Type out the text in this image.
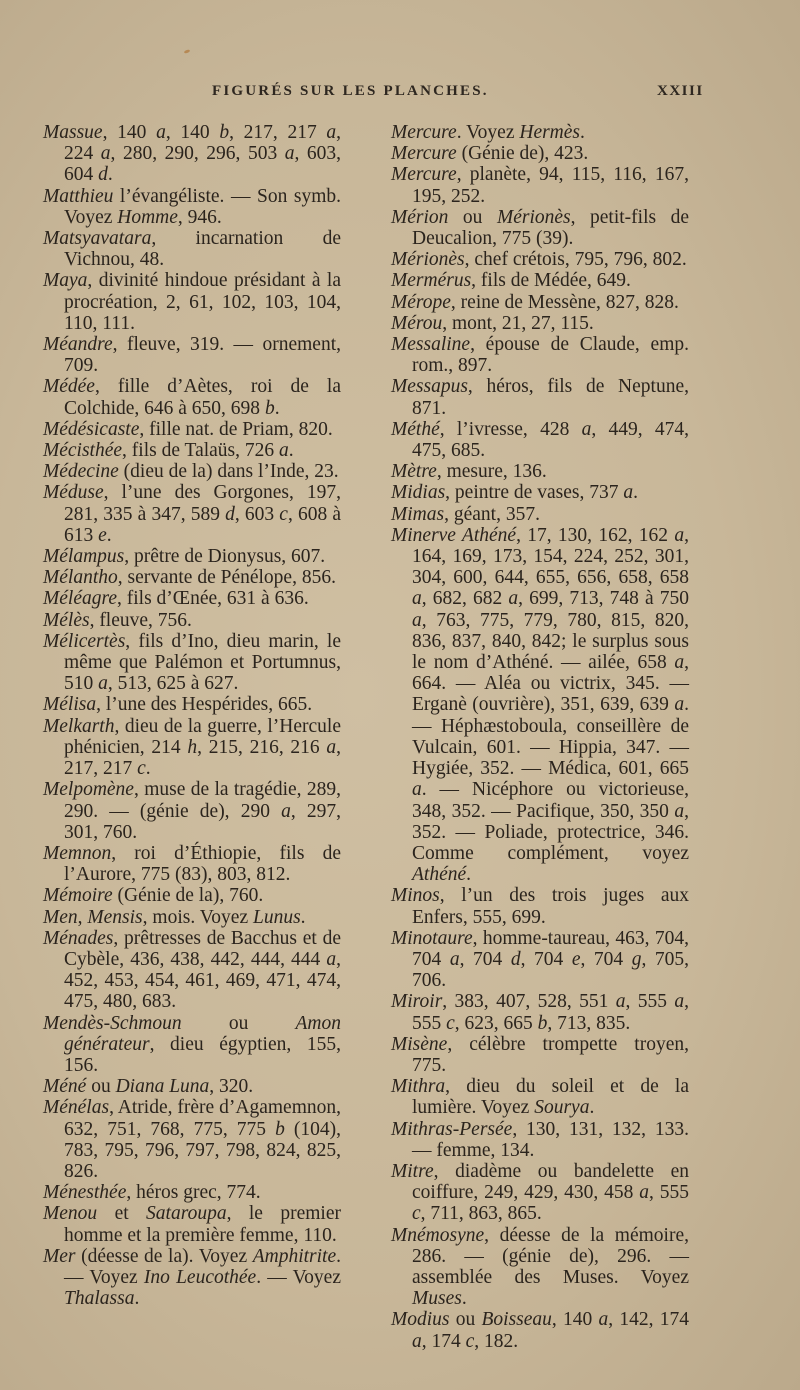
FIGURÉS SUR LES PLANCHES.	XXIII

Massue, 140 a, 140 b, 217, 217 a, 224 a, 280, 290, 296, 503 a, 603, 604 d.

Matthieu l’évangéliste. — Son symb. Voyez Homme, 946.

Matsyavatara, incarnation de Vichnou, 48.

Maya, divinité hindoue présidant à la procréation, 2, 61, 102, 103, 104, 110, 111.

Méandre, fleuve, 319. — ornement, 709.

Médée, fille d’Aètes, roi de la Colchide, 646 à 650, 698 b.

Médésicaste, fille nat. de Priam, 820.

Mécisthée, fils de Talaüs, 726 a.

Médecine (dieu de la) dans l’Inde, 23.

Méduse, l’une des Gorgones, 197, 281, 335 à 347, 589 d, 603 c, 608 à 613 e.

Mélampus, prêtre de Dionysus, 607.

Mélantho, servante de Pénélope, 856.

Méléagre, fils d’Œnée, 631 à 636.

Mélès, fleuve, 756.

Mélicertès, fils d’Ino, dieu marin, le même que Palémon et Portumnus, 510 a, 513, 625 à 627.

Mélisa, l’une des Hespérides, 665.

Melkarth, dieu de la guerre, l’Hercule phénicien, 214 h, 215, 216, 216 a, 217, 217 c.

Melpomène, muse de la tragédie, 289, 290. — (génie de), 290 a, 297, 301, 760.

Memnon, roi d’Éthiopie, fils de l’Aurore, 775 (83), 803, 812.

Mémoire (Génie de la), 760.

Men, Mensis, mois. Voyez Lunus.

Ménades, prêtresses de Bacchus et de Cybèle, 436, 438, 442, 444, 444 a, 452, 453, 454, 461, 469, 471, 474, 475, 480, 683.

Mendès-Schmoun ou Amon générateur, dieu égyptien, 155, 156.

Méné ou Diana Luna, 320.

Ménélas, Atride, frère d’Agamemnon, 632, 751, 768, 775, 775 b (104), 783, 795, 796, 797, 798, 824, 825, 826.

Ménesthée, héros grec, 774.

Menou et Sataroupa, le premier homme et la première femme, 110.

Mer (déesse de la). Voyez Amphitrite. — Voyez Ino Leucothée. — Voyez Thalassa.

Mercure. Voyez Hermès.

Mercure (Génie de), 423.

Mercure, planète, 94, 115, 116, 167, 195, 252.

Mérion ou Mérionès, petit-fils de Deucalion, 775 (39).

Mérionès, chef crétois, 795, 796, 802.

Mermérus, fils de Médée, 649.

Mérope, reine de Messène, 827, 828.

Mérou, mont, 21, 27, 115.

Messaline, épouse de Claude, emp. rom., 897.

Messapus, héros, fils de Neptune, 871.

Méthé, l’ivresse, 428 a, 449, 474, 475, 685.

Mètre, mesure, 136.

Midias, peintre de vases, 737 a.

Mimas, géant, 357.

Minerve Athéné, 17, 130, 162, 162 a, 164, 169, 173, 154, 224, 252, 301, 304, 600, 644, 655, 656, 658, 658 a, 682, 682 a, 699, 713, 748 à 750 a, 763, 775, 779, 780, 815, 820, 836, 837, 840, 842; le surplus sous le nom d’Athéné. — ailée, 658 a, 664. — Aléa ou victrix, 345. — Erganè (ouvrière), 351, 639, 639 a. — Héphæstoboula, conseillère de Vulcain, 601. — Hippia, 347. — Hygiée, 352. — Médica, 601, 665 a. — Nicéphore ou victorieuse, 348, 352. — Pacifique, 350, 350 a, 352. — Poliade, protectrice, 346. Comme complément, voyez Athéné.

Minos, l’un des trois juges aux Enfers, 555, 699.

Minotaure, homme-taureau, 463, 704, 704 a, 704 d, 704 e, 704 g, 705, 706.

Miroir, 383, 407, 528, 551 a, 555 a, 555 c, 623, 665 b, 713, 835.

Misène, célèbre trompette troyen, 775.

Mithra, dieu du soleil et de la lumière. Voyez Sourya.

Mithras-Persée, 130, 131, 132, 133. — femme, 134.

Mitre, diadème ou bandelette en coiffure, 249, 429, 430, 458 a, 555 c, 711, 863, 865.

Mnémosyne, déesse de la mémoire, 286. — (génie de), 296. — assemblée des Muses. Voyez Muses.

Modius ou Boisseau, 140 a, 142, 174 a, 174 c, 182.
